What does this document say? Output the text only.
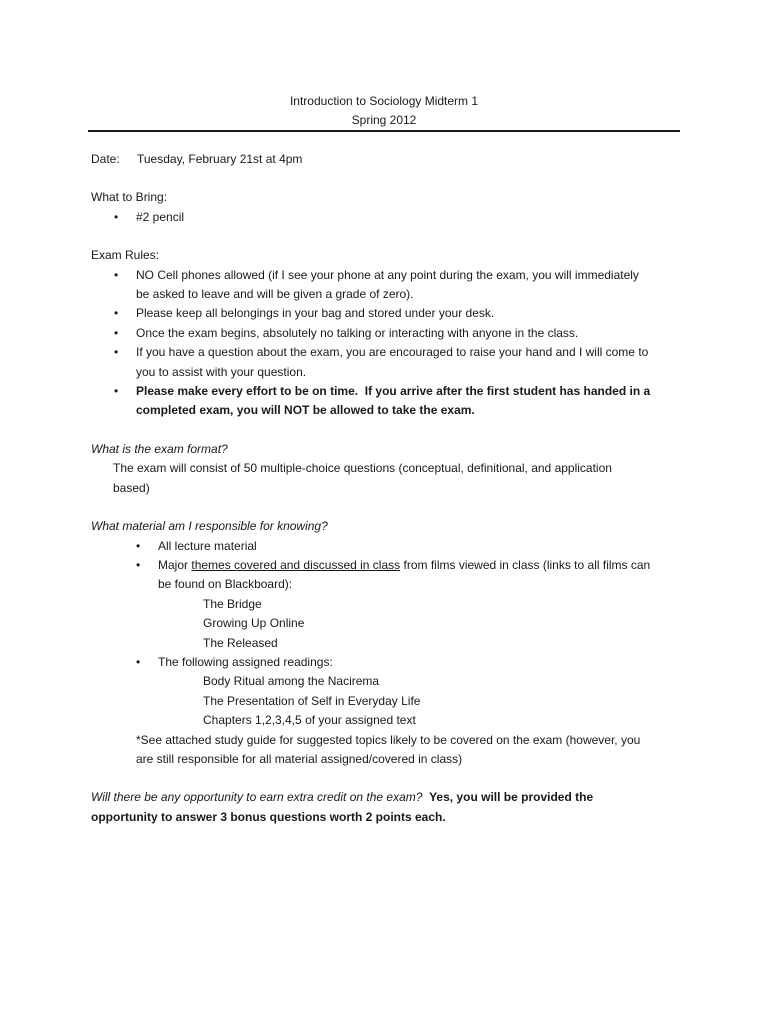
Introduction to Sociology Midterm 1
Spring 2012
Date: Tuesday, February 21st at 4pm
What to Bring:
• #2 pencil
Exam Rules:
• NO Cell phones allowed (if I see your phone at any point during the exam, you will immediately
be asked to leave and will be given a grade of zero).
• Please keep all belongings in your bag and stored under your desk.
• Once the exam begins, absolutely no talking or interacting with anyone in the class.
• If you have a question about the exam, you are encouraged to raise your hand and I will come to
you to assist with your question.
• Please make every effort to be on time. If you arrive after the first student has handed in a
completed exam, you will NOT be allowed to take the exam.
What is the exam format?
The exam will consist of 50 multiple-choice questions (conceptual, definitional, and application
based)
What material am I responsible for knowing?
• All lecture material
• Major themes covered and discussed in class from films viewed in class (links to all films can
be found on Blackboard):
The Bridge
Growing Up Online
The Released
• The following assigned readings:
Body Ritual among the Nacirema
The Presentation of Self in Everyday Life
Chapters 1,2,3,4,5 of your assigned text
*See attached study guide for suggested topics likely to be covered on the exam (however, you
are still responsible for all material assigned/covered in class)
Will there be any opportunity to earn extra credit on the exam? Yes, you will be provided the
opportunity to answer 3 bonus questions worth 2 points each.
